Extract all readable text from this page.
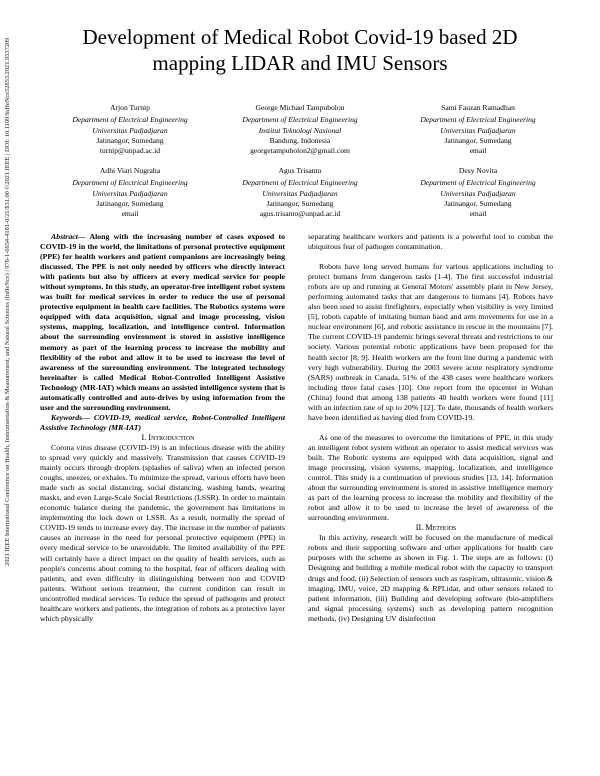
2021 IEEE International Conference on Health, Instrumentation & Measurement, and Natural Sciences (InHeNce) | 978-1-6654-4181-0/21/$31.00 ©2021 IEEE | DOI: 10.1109/InHeNce52833.2021.9537209
Development of Medical Robot Covid-19 based 2D
mapping LIDAR and IMU Sensors
Arjon Turnip
Department of Electrical Engineering
Universitas Padjadjaran
Jatinangor, Sumedang
turnip@unpad.ac.id
George Michael Tampubolon
Department of Electrical Engineering
Institut Teknologi Nasional
Bandung, Indonesia
georgetampubolon2@gmail.com
Sami Fauzan Ramadhan
Department of Electrical Engineering
Universitas Padjadjaran
Jatinangor, Sumedang
email
Adhi Viari Nugraha
Department of Electrical Engineering
Universitas Padjadjaran
Jatinangor, Sumedang
email
Agus Trisanto
Department of Electrical Engineering
Universitas Padjadjaran
Jatinangor, Sumedang
agus.trisanto@unpad.ac.id
Desy Novita
Department of Electrical Engineering
Universitas Padjadjaran
Jatinangor, Sumedang
email

Abstract— Along with the increasing number of cases exposed to COVID-19 in the world, the limitations of personal protective equipment (PPE) for health workers and patient companions are increasingly being discussed. The PPE is not only needed by officers who directly interact with patients but also by officers at every medical service for people without symptoms. In this study, an operator-free intelligent robot system was built for medical services in order to reduce the use of personal protective equipment in health care facilities. The Robotics systems were equipped with data acquisition, signal and image processing, vision systems, mapping, localization, and intelligence control. Information about the surrounding environment is stored in assistive intelligence memory as part of the learning process to increase the mobility and flexibility of the robot and allow it to be used to increase the level of awareness of the surrounding environment. The integrated technology hereinafter is called Medical Robot-Controlled Intelligent Assistive Technology (MR-IAT) which means an assisted intelligence system that is automatically controlled and auto-drives by using information from the user and the surrounding environment.

Keywords— COVID-19, medical service, Robot-Controlled Intelligent Assistive Technology (MR-IAT)

I. Introduction

Corona virus disease (COVID-19) is an infectious disease with the ability to spread very quickly and massively. Transmission that causes COVID-19 mainly occurs through droplets (splashes of saliva) when an infected person coughs, sneezes, or exhales. To minimize the spread, various efforts have been made such as social distancing, social distancing, washing hands, wearing masks, and even Large-Scale Social Restrictions (LSSR). In order to maintain economic balance during the pandemic, the government has limitations in implementing the lock down or LSSR. As a result, normally the spread of COVID-19 tends to increase every day. The increase in the number of patients causes an increase in the need for personal protective equipment (PPE) in every medical service to be unavoidable. The limited availability of the PPE will certainly have a direct impact on the quality of health services, such as people's concerns about coming to the hospital, fear of officers dealing with patients, and even difficulty in distinguishing between non and COVID patients. Without serious treatment, the current condition can result in uncontrolled medical services. To reduce the spread of pathogens and protect healthcare workers and patients, the integration of robots as a protective layer which physically

separating healthcare workers and patients is a powerful tool to combat the ubiquitous fear of pathogen contamination.

Robots have long served humans for various applications including to protect humans from dangerous tasks [1-4]. The first successful industrial robots are up and running at General Motors' assembly plant in New Jersey, performing automated tasks that are dangerous to humans [4]. Robots have also been used to assist firefighters, especially when visibility is very limited [5], robots capable of imitating human hand and arm movements for use in a nuclear environment [6], and robotic assistance in rescue in the mountains [7]. The current COVID-19 pandemic brings several threats and restrictions to our society. Various potential robotic applications have been proposed for the health sector [8, 9]. Health workers are the front line during a pandemic with very high vulnerability. During the 2003 severe acute respiratory syndrome (SARS) outbreak in Canada, 51% of the 438 cases were healthcare workers including three fatal cases [10]. One report from the epicenter in Wuhan (China) found that among 138 patients 40 health workers were found [11] with an infection rate of up to 20% [12]. To date, thousands of health workers have been identified as having died from COVID-19.

As one of the measures to overcome the limitations of PPE, in this study an intelligent robot system without an operator to assist medical services was built. The Robotic systems are equipped with data acquisition, signal and image processing, vision systems, mapping, localization, and intelligence control. This study is a continuation of previous studies [13, 14]. Information about the surrounding environment is stored in assistive intelligence memory as part of the learning process to increase the mobility and flexibility of the robot and allow it to be used to increase the level of awareness of the surrounding environment.

II. Methods

In this activity, research will be focused on the manufacture of medical robots and their supporting software and other applications for health care purposes with the scheme as shown in Fig. 1. The steps are as follows: (i) Designing and building a mobile medical robot with the capacity to transport drugs and food, (ii) Selection of sensors such as raspicam, ultrasonic, vision & imaging, IMU, voice, 2D mapping & RPLidar, and other sensors related to patient information, (iii) Building and developing software (bio-amplifiers and signal processing systems) such as developing pattern recognition methods, (iv) Designing UV disinfection
